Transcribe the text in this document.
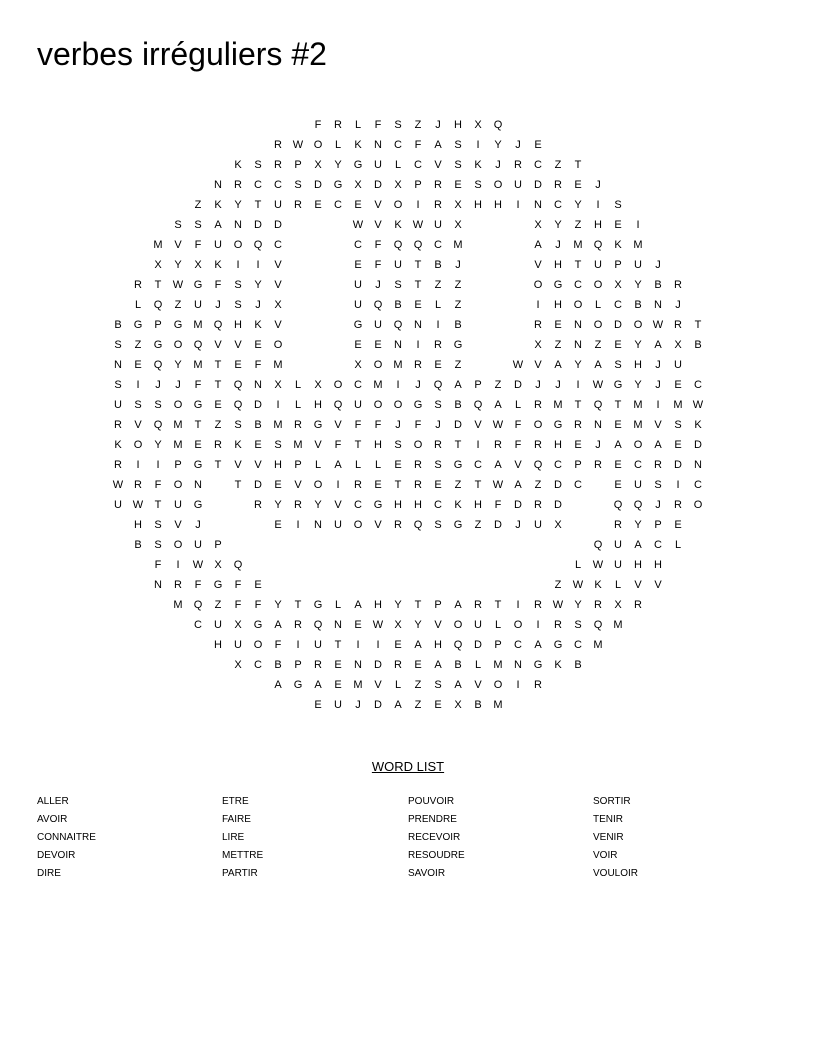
verbes irréguliers #2
F	R	L	F	S	Z	J	H	X	Q
R W O	L	K	N	C	F	A	S	I	Y	J	E
K	S	R	P	X	Y	G	U	L	C	V	S	K	J	R	C	Z	T
N	R	C	C	S	D	G	X	D	X	P	R	E	S	O	U	D	R	E	J
Z	K	Y	T	U	R	E	C	E	V	O	I	R	X	H	H	I	N	C	Y	I	S
S	S	A	N	D	D	W	V	K	W U	X	X	Y	Z	H	E	I
M	V	F	U	O	Q	C	C	F	Q	Q	C	M	A	J	M	Q	K	M
X	Y	X	K	I	I	V	E	F	U	T	B	J	V	H	T	U	P	U	J
R	T	W G	F	S	Y	V	U	J	S	T	Z	Z	O	G	C	O	X	Y	B	R
L	Q	Z	U	J	S	J	X	U	Q	B	E	L	Z	I	H	O	L	C	B	N	J
B	G	P	G	M	Q	H	K	V	G	U	Q	N	I	B	R	E	N	O	D	O W R	T
S	Z	G	O	Q	V	V	E	O	E	E	N	I	R	G	X	Z	N	Z	E	Y	A	X	B
N	E	Q	Y	M	T	E	F	M	X	O	M	R	E	Z	W	V	A	Y	A	S	H	J	U
S	I	J	J	F	T	Q	N	X	L	X	O	C	M	I	J	Q	A	P	Z	D	J	J	I	W G	Y	J	E	C
U	S	S	O	G	E	Q	D	I	L	H	Q	U	O	O	G	S	B	Q	A	L	R	M	T	Q	T	M	I	M W
R	V	Q	M	T	Z	S	B	M	R	G	V	F	F	J	F	J	D	V	W	F	O	G	R	N	E	M	V	S	K
K	O	Y	M	E	R	K	E	S	M	V	F	T	H	S	O	R	T	I	R	F	R	H	E	J	A	O	A	E	D
R	I	I	P	G	T	V	V	H	P	L	A	L	L	E	R	S	G	C	A	V	Q	C	P	R	E	C	R	D	N
W R	F	O	N	T	D	E	V	O	I	R	E	T	R	E	Z	T	W	A	Z	D	C	E	U	S	I	C
U W	T	U	G	R	Y	R	Y	V	C	G	H	H	C	K	H	F	D	R	D	Q	Q	J	R	O
H	S	V	J	E	I	N	U	O	V	R	Q	S	G	Z	D	J	U	X	R	Y	P	E
B	S	O	U	P	Q	U	A	C	L
F	I	W	X	Q	L	W U	H	H
N	R	F	G	F	E	Z	W	K	L	V	V
M	Q	Z	F	F	Y	T	G	L	A	H	Y	T	P	A	R	T	I	R W	Y	R	X	R
C	U	X	G	A	R	Q	N	E	W	X	Y	V	O	U	L	O	I	R	S	Q	M
H	U	O	F	I	U	T	I	I	E	A	H	Q	D	P	C	A	G	C	M
X	C	B	P	R	E	N	D	R	E	A	B	L	M	N	G	K	B
A	G	A	E	M	V	L	Z	S	A	V	O	I	R
E	U	J	D	A	Z	E	X	B	M
WORD LIST
ALLER
AVOIR
CONNAITRE
DEVOIR
DIRE
ETRE
FAIRE
LIRE
METTRE
PARTIR
POUVOIR
PRENDRE
RECEVOIR
RESOUDRE
SAVOIR
SORTIR
TENIR
VENIR
VOIR
VOULOIR
